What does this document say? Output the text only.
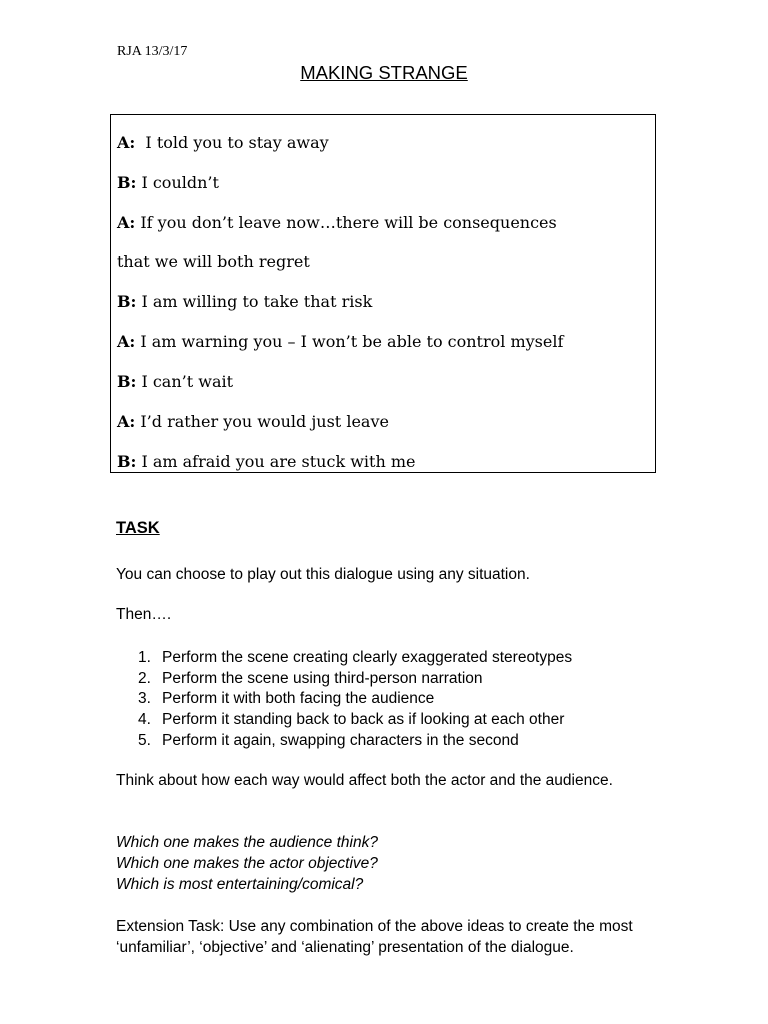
RJA 13/3/17
MAKING STRANGE
A: I told you to stay away
B: I couldn’t
A: If you don’t leave now…there will be consequences
that we will both regret
B: I am willing to take that risk
A: I am warning you – I won’t be able to control myself
B: I can’t wait
A: I’d rather you would just leave
B: I am afraid you are stuck with me
TASK
You can choose to play out this dialogue using any situation.
Then….
1. Perform the scene creating clearly exaggerated stereotypes
2. Perform the scene using third-person narration
3. Perform it with both facing the audience
4. Perform it standing back to back as if looking at each other
5. Perform it again, swapping characters in the second
Think about how each way would affect both the actor and the audience.
Which one makes the audience think?
Which one makes the actor objective?
Which is most entertaining/comical?
Extension Task: Use any combination of the above ideas to create the most ‘unfamiliar’, ‘objective’ and ‘alienating’ presentation of the dialogue.
